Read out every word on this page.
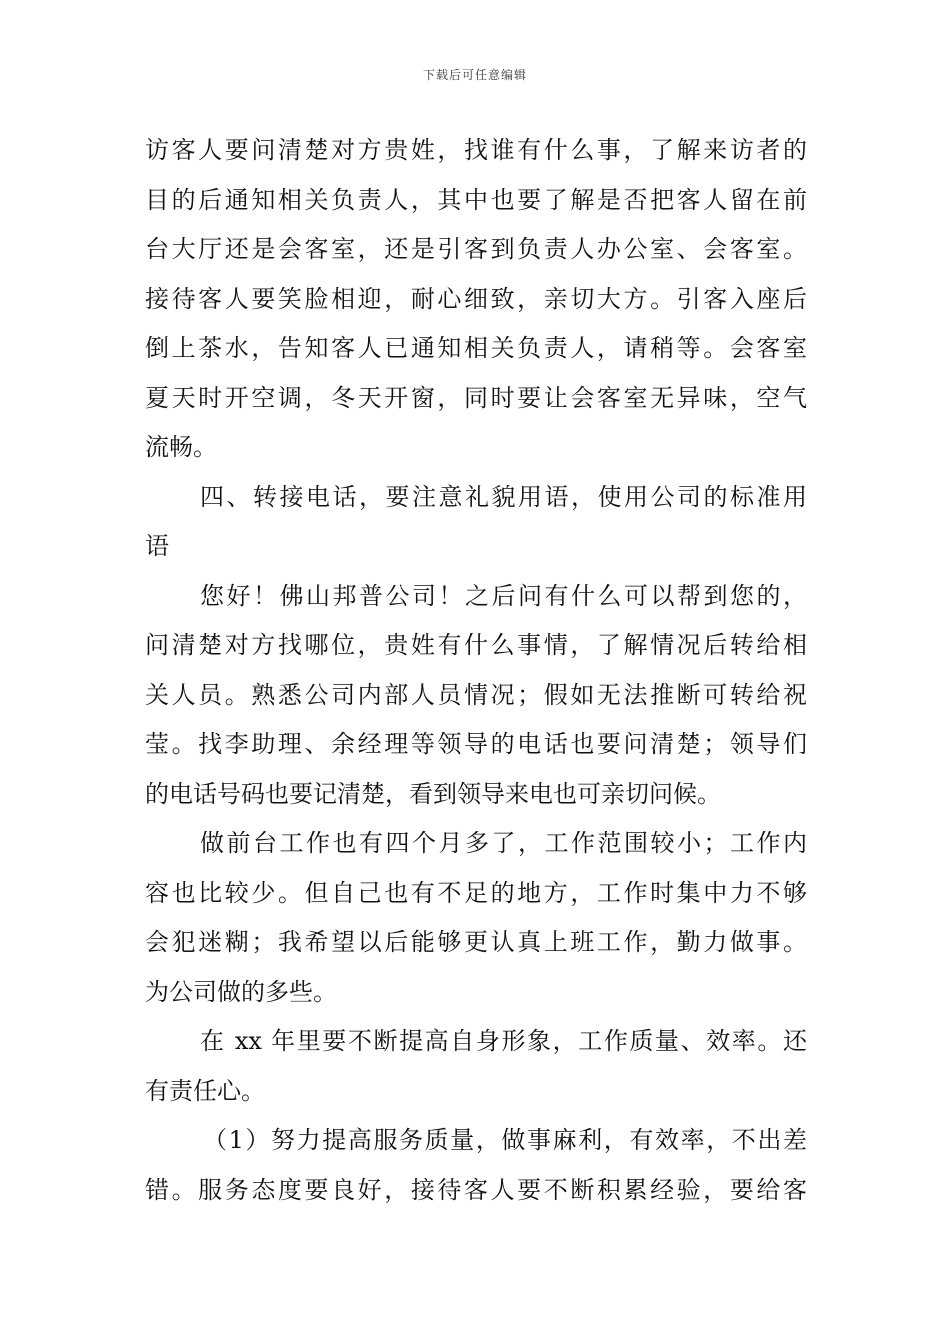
下载后可任意编辑
访客人要问清楚对方贵姓，找谁有什么事，了解来访者的
目的后通知相关负责人，其中也要了解是否把客人留在前
台大厅还是会客室，还是引客到负责人办公室、会客室。
接待客人要笑脸相迎，耐心细致，亲切大方。引客入座后
倒上茶水，告知客人已通知相关负责人，请稍等。会客室
夏天时开空调，冬天开窗，同时要让会客室无异味，空气
流畅。
四、转接电话，要注意礼貌用语，使用公司的标准用
语
您好！佛山邦普公司！之后问有什么可以帮到您的，
问清楚对方找哪位，贵姓有什么事情，了解情况后转给相
关人员。熟悉公司内部人员情况；假如无法推断可转给祝
莹。找李助理、余经理等领导的电话也要问清楚；领导们
的电话号码也要记清楚，看到领导来电也可亲切问候。
做前台工作也有四个月多了，工作范围较小；工作内
容也比较少。但自己也有不足的地方，工作时集中力不够
会犯迷糊；我希望以后能够更认真上班工作，勤力做事。
为公司做的多些。
在 xx 年里要不断提高自身形象，工作质量、效率。还
有责任心。
（1）努力提高服务质量，做事麻利，有效率，不出差
错。服务态度要良好，接待客人要不断积累经验，要给客
